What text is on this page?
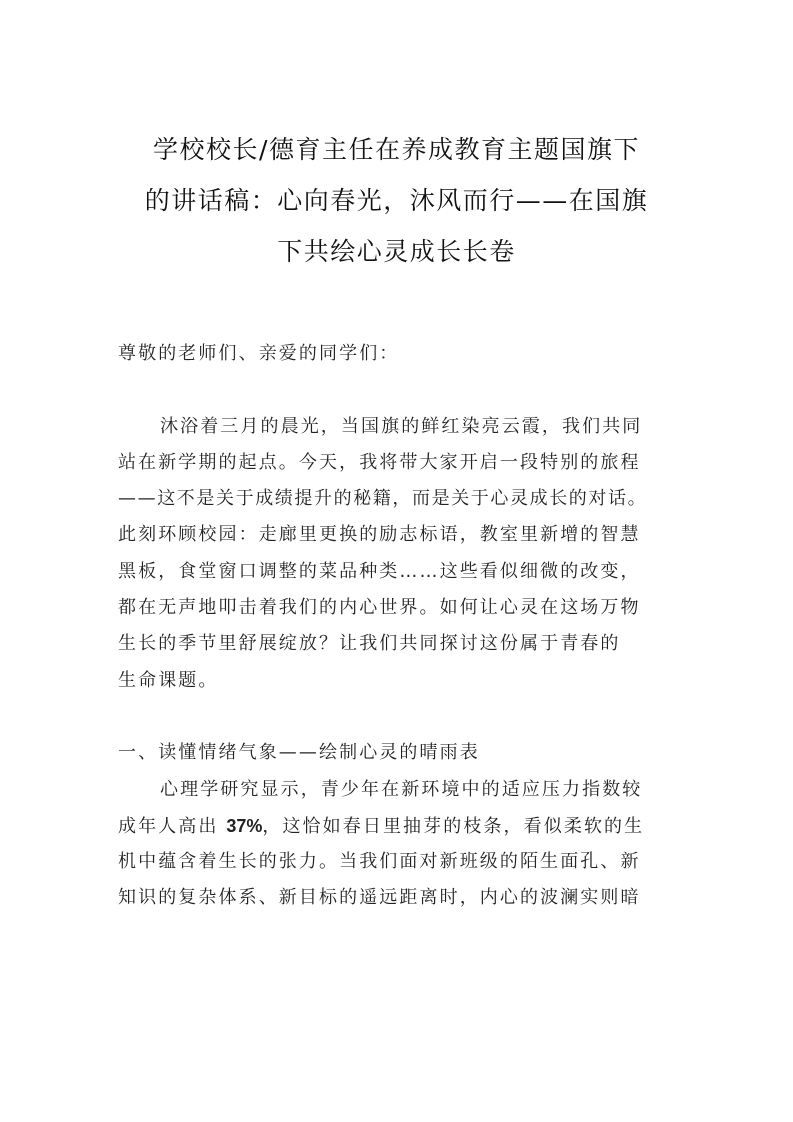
学校校长/德育主任在养成教育主题国旗下
的讲话稿：心向春光，沐风而行——在国旗
下共绘心灵成长长卷
尊敬的老师们、亲爱的同学们：
沐浴着三月的晨光，当国旗的鲜红染亮云霞，我们共同
站在新学期的起点。今天，我将带大家开启一段特别的旅程
——这不是关于成绩提升的秘籍，而是关于心灵成长的对话。
此刻环顾校园：走廊里更换的励志标语，教室里新增的智慧
黑板，食堂窗口调整的菜品种类……这些看似细微的改变，
都在无声地叩击着我们的内心世界。如何让心灵在这场万物
生长的季节里舒展绽放？让我们共同探讨这份属于青春的
生命课题。
一、读懂情绪气象——绘制心灵的晴雨表
心理学研究显示，青少年在新环境中的适应压力指数较
成年人高出 37%，这恰如春日里抽芽的枝条，看似柔软的生
机中蕴含着生长的张力。当我们面对新班级的陌生面孔、新
知识的复杂体系、新目标的遥远距离时，内心的波澜实则暗
